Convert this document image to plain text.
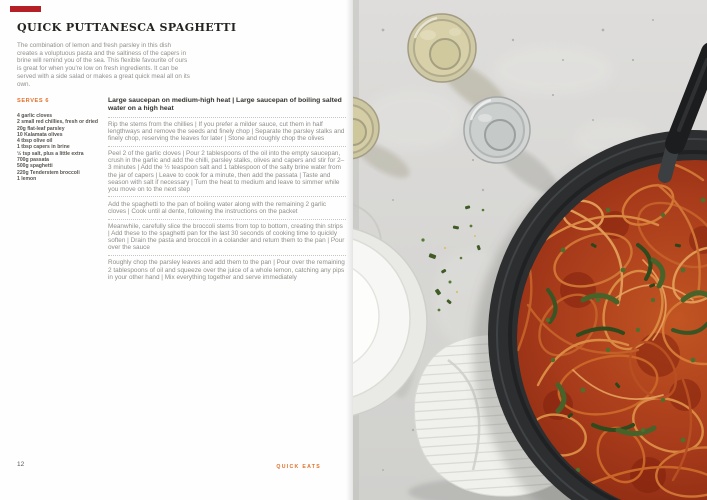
QUICK PUTTANESCA SPAGHETTI

The combination of lemon and fresh parsley in this dish creates a voluptuous pasta and the saltiness of the capers in brine will remind you of the sea. This flexible favourite of ours is great for when you're low on fresh ingredients. It can be served with a side salad or makes a great quick meal all on its own.

SERVES 6
4 garlic cloves
2 small red chillies, fresh or dried
20g flat-leaf parsley
10 Kalamata olives
4 tbsp olive oil
1 tbsp capers in brine
½ tsp salt, plus a little extra
700g passata
500g spaghetti
220g Tenderstem broccoli
1 lemon
Large saucepan on medium-high heat | Large saucepan of boiling salted water on a high heat

Rip the stems from the chillies | If you prefer a milder sauce, cut them in half lengthways and remove the seeds and finely chop | Separate the parsley stalks and finely chop, reserving the leaves for later | Stone and roughly chop the olives

Peel 2 of the garlic cloves | Pour 2 tablespoons of the oil into the empty saucepan, crush in the garlic and add the chilli, parsley stalks, olives and capers and stir for 2–3 minutes | Add the ½ teaspoon salt and 1 tablespoon of the salty brine water from the jar of capers | Leave to cook for a minute, then add the passata | Taste and season with salt if necessary | Turn the heat to medium and leave to simmer while you move on to the next step

Add the spaghetti to the pan of boiling water along with the remaining 2 garlic cloves | Cook until al dente, following the instructions on the packet

Meanwhile, carefully slice the broccoli stems from top to bottom, creating thin strips | Add these to the spaghetti pan for the last 30 seconds of cooking time to quickly soften | Drain the pasta and broccoli in a colander and return them to the pan | Pour over the sauce

Roughly chop the parsley leaves and add them to the pan | Pour over the remaining 2 tablespoons of oil and squeeze over the juice of a whole lemon, catching any pips in your other hand | Mix everything together and serve immediately

12	QUICK EATS
